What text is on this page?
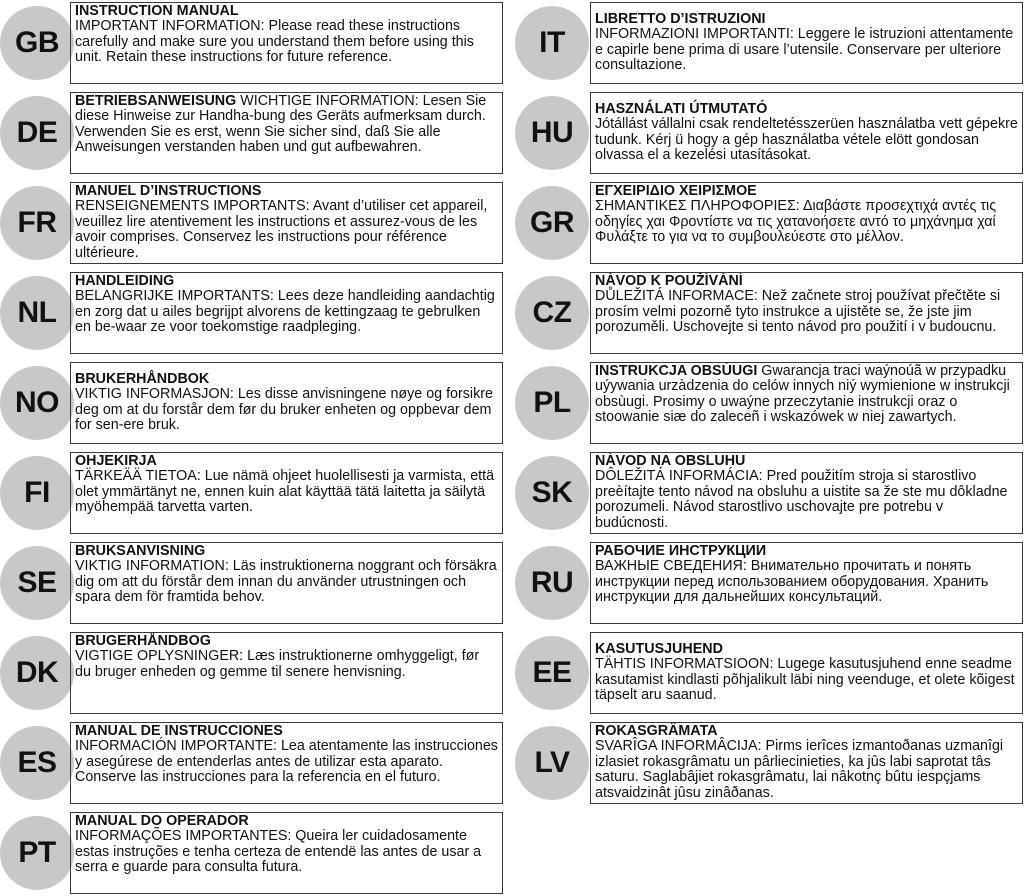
GB

INSTRUCTION MANUAL
IMPORTANT INFORMATION: Please read these instructions carefully and make sure you understand them before using this unit. Retain these instructions for future reference.

DE

BETRIEBSANWEISUNG WICHTIGE INFORMATION: Lesen Sie diese Hinweise zur Handha-bung des Geräts aufmerksam durch. Verwenden Sie es erst, wenn Sie sicher sind, daß Sie alle Anweisungen verstanden haben und gut aufbewahren.

FR

MANUEL D’INSTRUCTIONS
RENSEIGNEMENTS IMPORTANTS: Avant d’utiliser cet appareil, veuillez lire atentivement les instructions et assurez-vous de les avoir comprises. Conservez les instructions pour référence ultérieure.

NL

HANDLEIDING
BELANGRIJKE IMPORTANTS: Lees deze handleiding aandachtig en zorg dat u ailes begrijpt alvorens de kettingzaag te gebrulken en be-waar ze voor toekomstige raadpleging.

NO

BRUKERHÅNDBOK
VIKTIG INFORMASJON: Les disse anvisningene nøye og forsikre deg om at du forstår dem før du bruker enheten og oppbevar dem for sen-ere bruk.

FI

OHJEKIRJA
TÄRKEÄÄ TIETOA: Lue nämä ohjeet huolellisesti ja varmista, että olet ymmärtänyt ne, ennen kuin alat käyttää tätä laitetta ja säilytä myöhempää tarvetta varten.

SE

BRUKSANVISNING
VIKTIG INFORMATION: Läs instruktionerna noggrant och försäkra dig om att du förstår dem innan du använder utrustningen och spara dem för framtida behov.

DK

BRUGERHÅNDBOG
VIGTIGE OPLYSNINGER: Læs instruktionerne omhyggeligt, før du bruger enheden og gemme til senere henvisning.

ES

MANUAL DE INSTRUCCIONES
INFORMACIÓN IMPORTANTE: Lea atentamente las instrucciones y asegúrese de entenderlas antes de utilizar esta aparato. Conserve las instrucciones para la referencia en el futuro.

PT

MANUAL DO OPERADOR
INFORMAÇÕES IMPORTANTES: Queira ler cuidadosamente estas instruções e tenha certeza de entendë las antes de usar a serra e guarde para consulta futura.

IT

LIBRETTO D’ISTRUZIONI
INFORMAZIONI IMPORTANTI: Leggere le istruzioni attentamente e capirle bene prima di usare l’utensile. Conservare per ulteriore consultazione.

HU

HASZNÁLATI ÚTMUTATÓ
Jótállást vállalni csak rendeltetésszerüen használatba vett gépekre tudunk. Kérj ü hogy a gép használatba vétele elött gondosan olvassa el a kezelési utasításokat.

GR

ΕΓΧΕΙΡΙΔΙΟ ΧΕΙΡΙΣΜΟΕ
ΣΗΜΑΝΤΙΚΕΣ ΠΛΗΡΟΦΟΡΙΕΣ: Διαβάστε προσεχτιχά αντές τις οδηγίες χαι Φροντίστε να τις χατανοήσετε αντό το μηχάνημα χαί Φυλάξτε το για να το συμβουλεύεστε στο μέλλον.

CZ

NÁVOD K POUŽÍVÁNÍ
DŮLEŽITÁ INFORMACE: Než začnete stroj používat přečtěte si prosím velmi pozorně tyto instrukce a ujistěte se, že jste jim porozuměli. Uschovejte si tento návod pro použití i v budoucnu.

PL

INSTRUKCJA OBSÚUGI Gwarancja traci waýnoúã w przypadku uýywania urzàdzenia do celów innych niý wymienione w instrukcji obsùugi. Prosimy o uwaýne przeczytanie instrukcji oraz o stoowanie siæ do zaleceñ i wskazówek w niej zawartych.

SK

NÁVOD NA OBSLUHU
DÔLEŽITÁ INFORMÁCIA: Pred použitím stroja si starostlivo preèítajte tento návod na obsluhu a uistite sa že ste mu dôkladne porozumeli. Návod starostlivo uschovajte pre potrebu v budúcnosti.

RU

РАБОЧИЕ ИНСТРУКЦИИ
ВАЖНЫЕ СВЕДЕНИЯ: Внимательно прочитать и понять инструкции перед использованием оборудования. Хранить инструкции для дальнейших консультаций.

EE

KASUTUSJUHEND
TÄHTIS INFORMATSIOON: Lugege kasutusjuhend enne seadme kasutamist kindlasti põhjalikult läbi ning veenduge, et olete kõigest täpselt aru saanud.

LV

ROKASGRÂMATA
SVARÎGA INFORMÂCIJA: Pirms ierîces izmantoðanas uzmanîgi izlasiet rokasgrâmatu un pârliecinieties, ka jûs labi saprotat tâs saturu. Saglabâjiet rokasgrâmatu, lai nâkotnç bûtu iespçjams atsvaidzinât jûsu zinâðanas.
